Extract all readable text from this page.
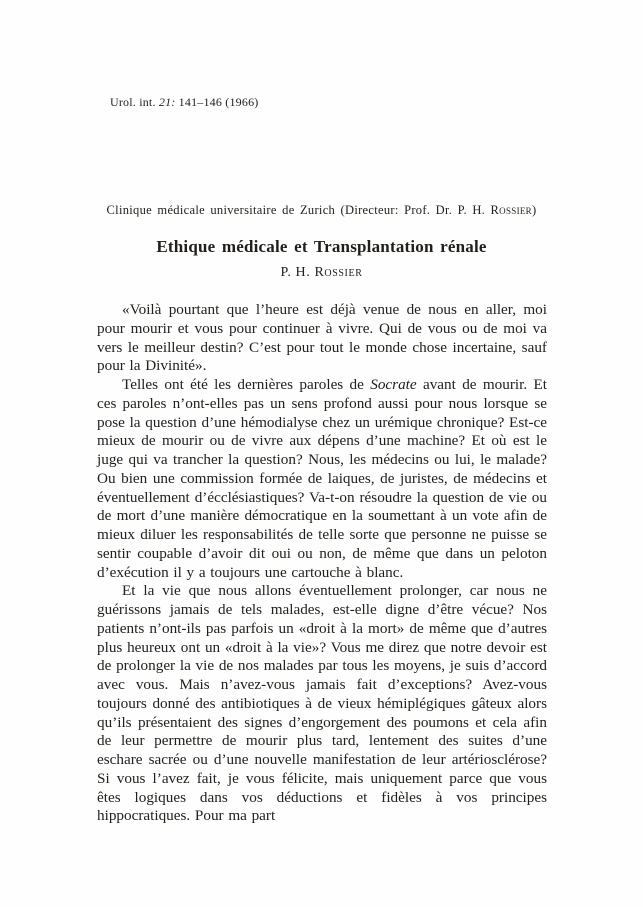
Urol. int. 21: 141–146 (1966)
Clinique médicale universitaire de Zurich (Directeur: Prof. Dr. P. H. Rossier)
Ethique médicale et Transplantation rénale
P. H. Rossier

«Voilà pourtant que l’heure est déjà venue de nous en aller, moi pour mourir et vous pour continuer à vivre. Qui de vous ou de moi va vers le meilleur destin? C’est pour tout le monde chose incertaine, sauf pour la Divinité».

Telles ont été les dernières paroles de Socrate avant de mourir. Et ces paroles n’ont-elles pas un sens profond aussi pour nous lorsque se pose la question d’une hémodialyse chez un urémique chronique? Est-ce mieux de mourir ou de vivre aux dépens d’une machine? Et où est le juge qui va trancher la question? Nous, les médecins ou lui, le malade? Ou bien une commission formée de laiques, de juristes, de médecins et éventuellement d’écclésiastiques? Va-t-on résoudre la question de vie ou de mort d’une manière démocratique en la soumettant à un vote afin de mieux diluer les responsabilités de telle sorte que personne ne puisse se sentir coupable d’avoir dit oui ou non, de même que dans un peloton d’exécution il y a toujours une cartouche à blanc.

Et la vie que nous allons éventuellement prolonger, car nous ne guérissons jamais de tels malades, est-elle digne d’être vécue? Nos patients n’ont-ils pas parfois un «droit à la mort» de même que d’autres plus heureux ont un «droit à la vie»? Vous me direz que notre devoir est de prolonger la vie de nos malades par tous les moyens, je suis d’accord avec vous. Mais n’avez-vous jamais fait d’exceptions? Avez-vous toujours donné des antibiotiques à de vieux hémiplégiques gâteux alors qu’ils présentaient des signes d’engorgement des poumons et cela afin de leur permettre de mourir plus tard, lentement des suites d’une eschare sacrée ou d’une nouvelle manifestation de leur artériosclérose? Si vous l’avez fait, je vous félicite, mais uniquement parce que vous êtes logiques dans vos déductions et fidèles à vos principes hippocratiques. Pour ma part
